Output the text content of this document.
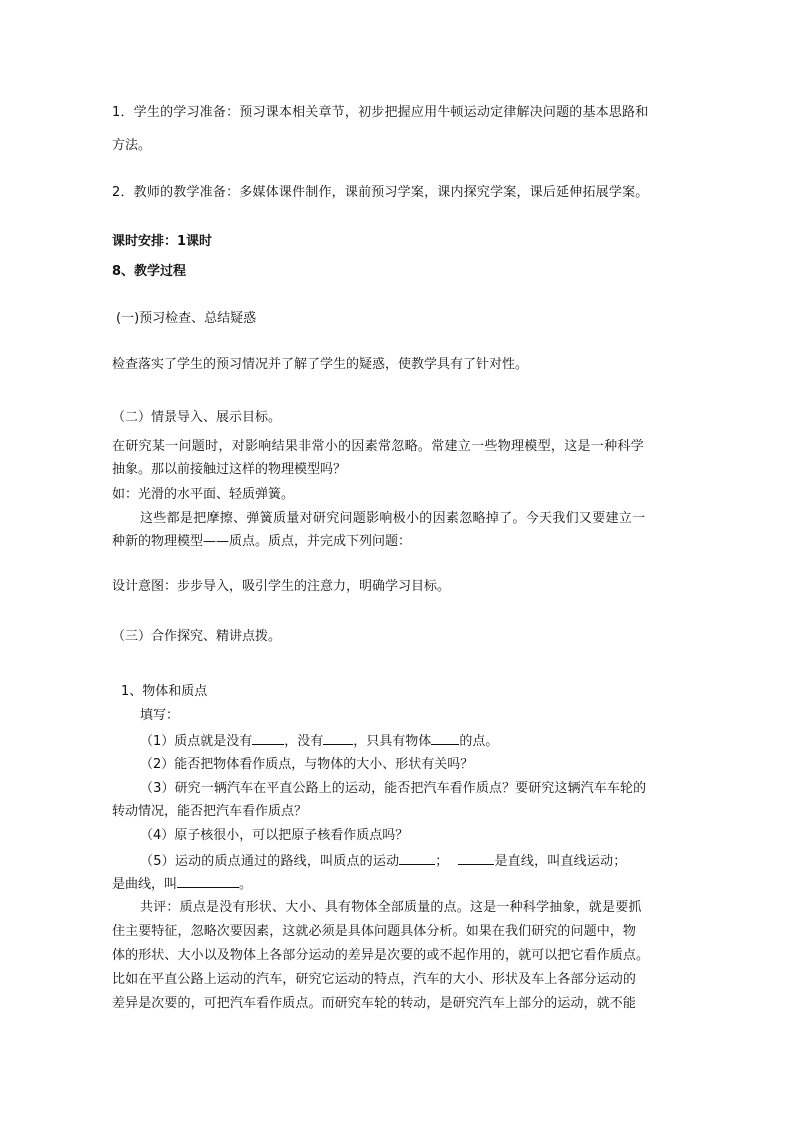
1．学生的学习准备：预习课本相关章节，初步把握应用牛顿运动定律解决问题的基本思路和
方法。
2．教师的教学准备：多媒体课件制作，课前预习学案，课内探究学案，课后延伸拓展学案。
课时安排：1课时
8、教学过程
(一)预习检查、总结疑惑
检查落实了学生的预习情况并了解了学生的疑惑，使教学具有了针对性。
（二）情景导入、展示目标。
在研究某一问题时，对影响结果非常小的因素常忽略。常建立一些物理模型，这是一种科学
抽象。那以前接触过这样的物理模型吗？
如：光滑的水平面、轻质弹簧。
这些都是把摩擦、弹簧质量对研究问题影响极小的因素忽略掉了。今天我们又要建立一
种新的物理模型——质点。质点，并完成下列问题：
设计意图：步步导入，吸引学生的注意力，明确学习目标。
（三）合作探究、精讲点拨。
1、物体和质点
填写：
（1）质点就是没有 ，没有 ，只具有物体 的点。
（2）能否把物体看作质点，与物体的大小、形状有关吗？
（3）研究一辆汽车在平直公路上的运动，能否把汽车看作质点？要研究这辆汽车车轮的
转动情况，能否把汽车看作质点？
（4）原子核很小，可以把原子核看作质点吗？
（5）运动的质点通过的路线，叫质点的运动	；	是直线，叫直线运动；
是曲线，叫	。
共评：质点是没有形状、大小、具有物体全部质量的点。这是一种科学抽象，就是要抓
住主要特征，忽略次要因素，这就必须是具体问题具体分析。如果在我们研究的问题中，物
体的形状、大小以及物体上各部分运动的差异是次要的或不起作用的，就可以把它看作质点。
比如在平直公路上运动的汽车，研究它运动的特点，汽车的大小、形状及车上各部分运动的
差异是次要的，可把汽车看作质点。而研究车轮的转动，是研究汽车上部分的运动，就不能
